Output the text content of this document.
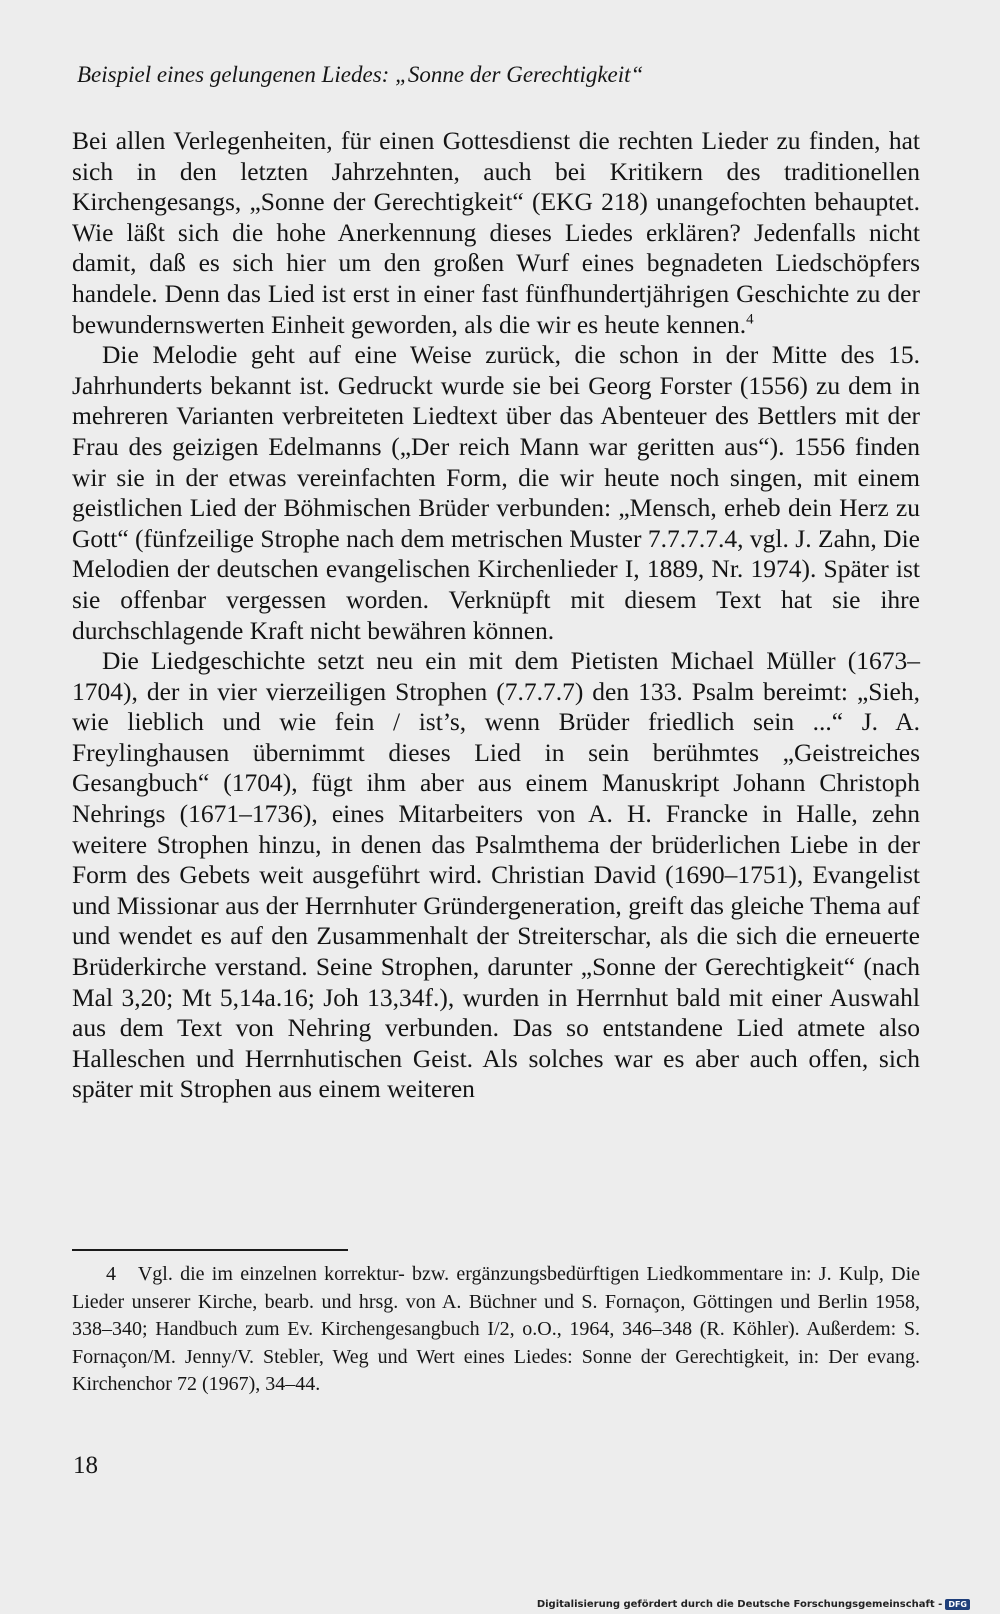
Beispiel eines gelungenen Liedes: „Sonne der Gerechtigkeit“

Bei allen Verlegenheiten, für einen Gottesdienst die rechten Lieder zu finden, hat sich in den letzten Jahrzehnten, auch bei Kritikern des traditionellen Kirchengesangs, „Sonne der Gerechtigkeit“ (EKG 218) unangefochten behauptet. Wie läßt sich die hohe Anerkennung dieses Liedes erklären? Jedenfalls nicht damit, daß es sich hier um den großen Wurf eines begnadeten Liedschöpfers handele. Denn das Lied ist erst in einer fast fünfhundertjährigen Geschichte zu der bewundernswerten Einheit geworden, als die wir es heute kennen.$^4$

Die Melodie geht auf eine Weise zurück, die schon in der Mitte des 15. Jahrhunderts bekannt ist. Gedruckt wurde sie bei Georg Forster (1556) zu dem in mehreren Varianten verbreiteten Liedtext über das Abenteuer des Bettlers mit der Frau des geizigen Edelmanns („Der reich Mann war geritten aus“). 1556 finden wir sie in der etwas vereinfachten Form, die wir heute noch singen, mit einem geistlichen Lied der Böhmischen Brüder verbunden: „Mensch, erheb dein Herz zu Gott“ (fünfzeilige Strophe nach dem metrischen Muster 7.7.7.7.4, vgl. J. Zahn, Die Melodien der deutschen evangelischen Kirchenlieder I, 1889, Nr. 1974). Später ist sie offenbar vergessen worden. Verknüpft mit diesem Text hat sie ihre durchschlagende Kraft nicht bewähren können.

Die Liedgeschichte setzt neu ein mit dem Pietisten Michael Müller (1673–1704), der in vier vierzeiligen Strophen (7.7.7.7) den 133. Psalm bereimt: „Sieh, wie lieblich und wie fein / ist’s, wenn Brüder friedlich sein ...“ J. A. Freylinghausen übernimmt dieses Lied in sein berühmtes „Geistreiches Gesangbuch“ (1704), fügt ihm aber aus einem Manuskript Johann Christoph Nehrings (1671–1736), eines Mitarbeiters von A. H. Francke in Halle, zehn weitere Strophen hinzu, in denen das Psalmthema der brüderlichen Liebe in der Form des Gebets weit ausgeführt wird. Christian David (1690–1751), Evangelist und Missionar aus der Herrnhuter Gründergeneration, greift das gleiche Thema auf und wendet es auf den Zusammenhalt der Streiterschar, als die sich die erneuerte Brüderkirche verstand. Seine Strophen, darunter „Sonne der Gerechtigkeit“ (nach Mal 3,20; Mt 5,14a.16; Joh 13,34f.), wurden in Herrnhut bald mit einer Auswahl aus dem Text von Nehring verbunden. Das so entstandene Lied atmete also Halleschen und Herrnhutischen Geist. Als solches war es aber auch offen, sich später mit Strophen aus einem weiteren

4 Vgl. die im einzelnen korrektur- bzw. ergänzungsbedürftigen Liedkommentare in: J. Kulp, Die Lieder unserer Kirche, bearb. und hrsg. von A. Büchner und S. Fornaçon, Göttingen und Berlin 1958, 338–340; Handbuch zum Ev. Kirchengesangbuch I/2, o.O., 1964, 346–348 (R. Köhler). Außerdem: S. Fornaçon/M. Jenny/V. Stebler, Weg und Wert eines Liedes: Sonne der Gerechtigkeit, in: Der evang. Kirchenchor 72 (1967), 34–44.
18
Digitalisierung gefördert durch die Deutsche Forschungsgemeinschaft - DFG
